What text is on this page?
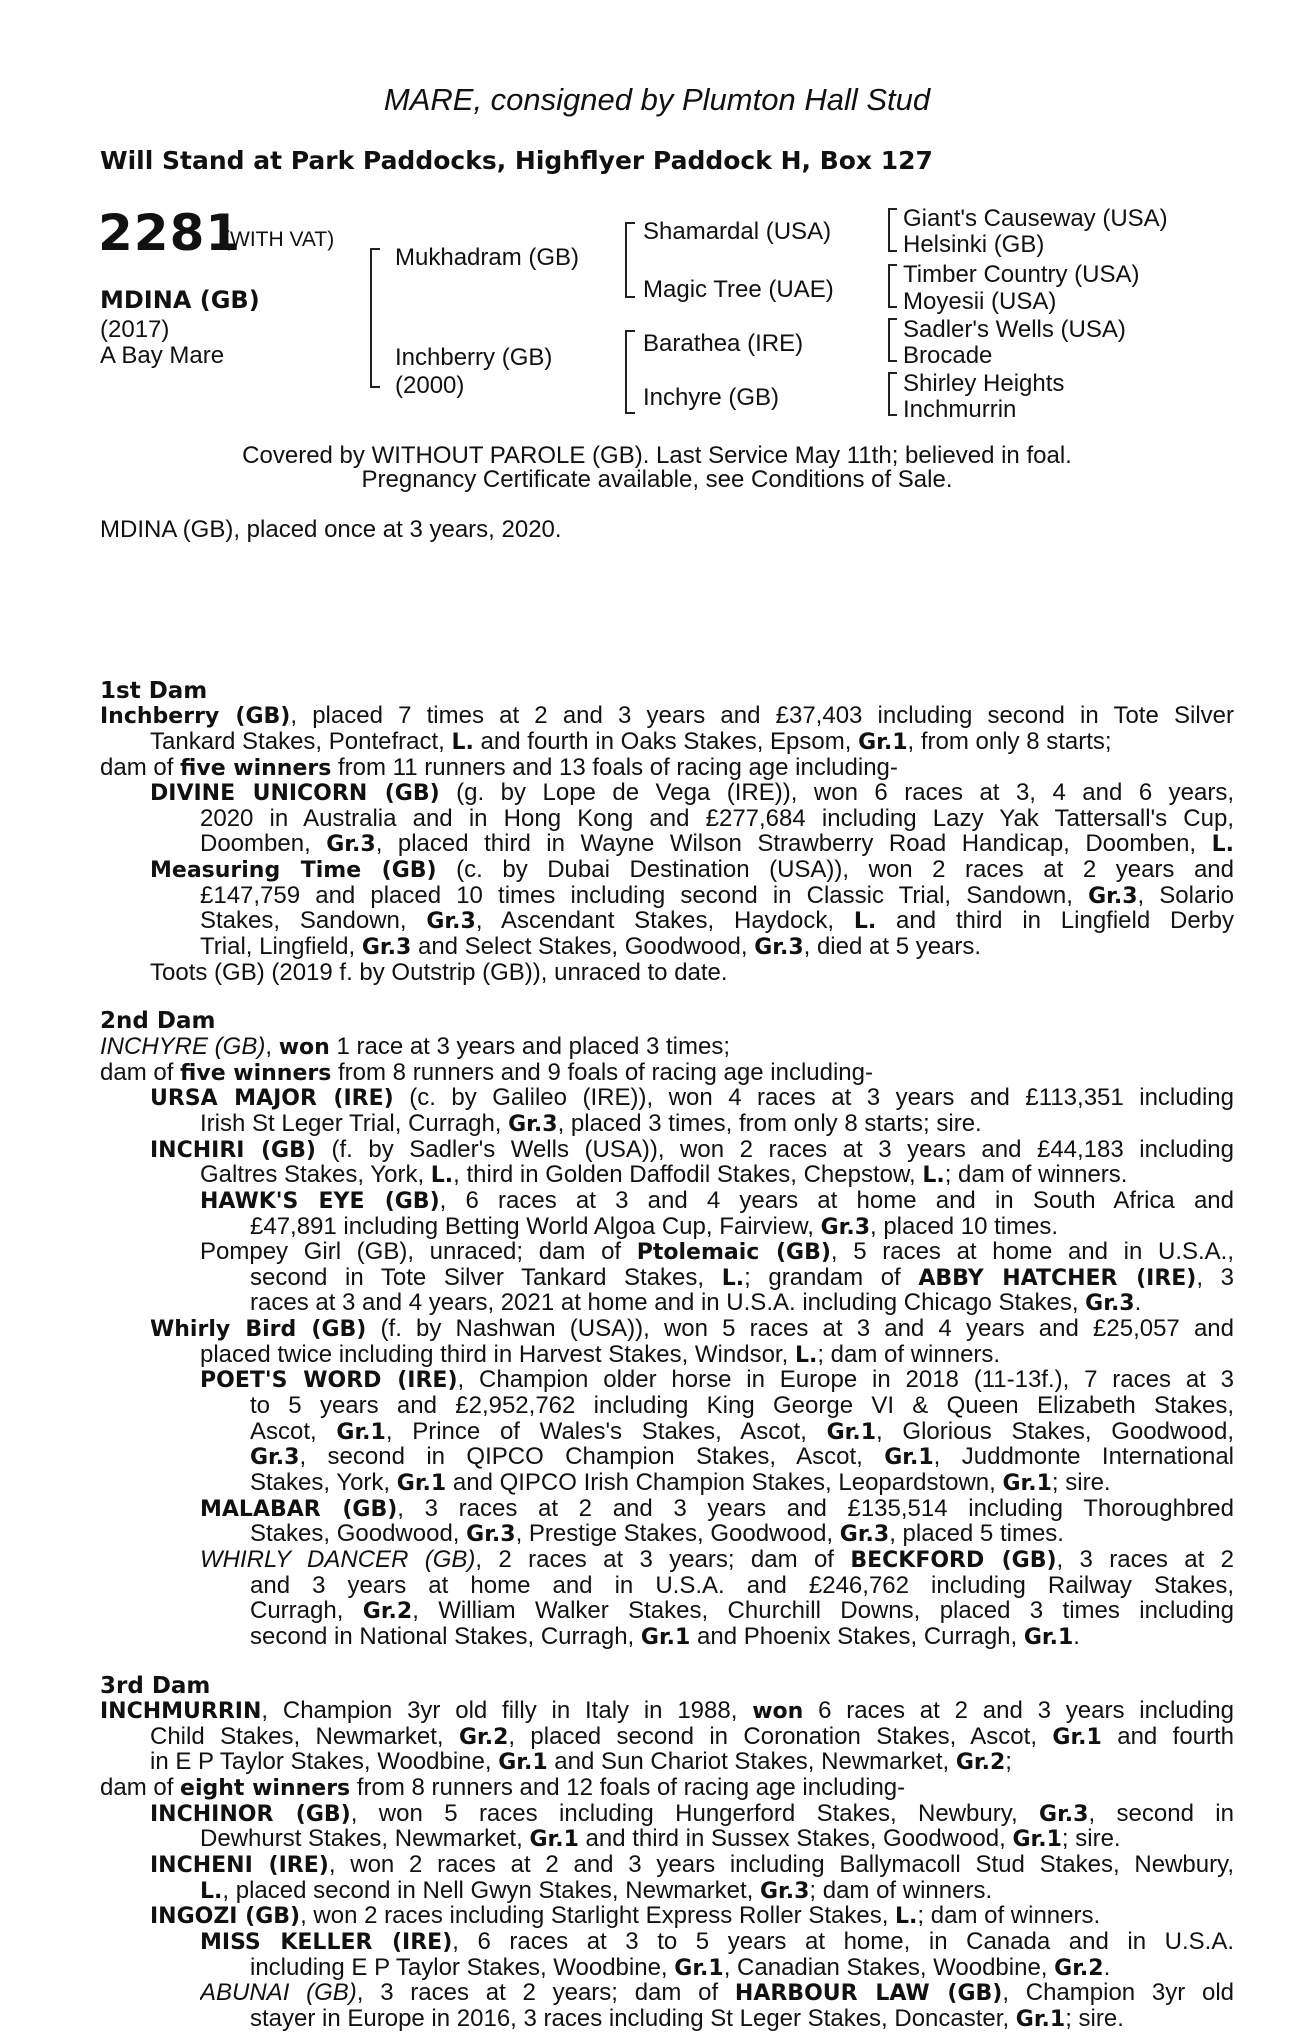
MARE, consigned by Plumton Hall Stud
Will Stand at Park Paddocks, Highflyer Paddock H, Box 127
2281
(WITH VAT)
MDINA (GB)
(2017)
A Bay Mare
Mukhadram (GB)
Inchberry (GB)
(2000)
Shamardal (USA)
Magic Tree (UAE)
Barathea (IRE)
Inchyre (GB)
Giant's Causeway (USA)
Helsinki (GB)
Timber Country (USA)
Moyesii (USA)
Sadler's Wells (USA)
Brocade
Shirley Heights
Inchmurrin
Covered by WITHOUT PAROLE (GB). Last Service May 11th; believed in foal.
Pregnancy Certificate available, see Conditions of Sale.
MDINA (GB), placed once at 3 years, 2020.
1st Dam
Inchberry (GB), placed 7 times at 2 and 3 years and £37,403 including second in Tote Silver
Tankard Stakes, Pontefract, L. and fourth in Oaks Stakes, Epsom, Gr.1, from only 8 starts;
dam of five winners from 11 runners and 13 foals of racing age including-
DIVINE UNICORN (GB) (g. by Lope de Vega (IRE)), won 6 races at 3, 4 and 6 years,
2020 in Australia and in Hong Kong and £277,684 including Lazy Yak Tattersall's Cup,
Doomben, Gr.3, placed third in Wayne Wilson Strawberry Road Handicap, Doomben, L.
Measuring Time (GB) (c. by Dubai Destination (USA)), won 2 races at 2 years and
£147,759 and placed 10 times including second in Classic Trial, Sandown, Gr.3, Solario
Stakes, Sandown, Gr.3, Ascendant Stakes, Haydock, L. and third in Lingfield Derby
Trial, Lingfield, Gr.3 and Select Stakes, Goodwood, Gr.3, died at 5 years.
Toots (GB) (2019 f. by Outstrip (GB)), unraced to date.
2nd Dam
INCHYRE (GB), won 1 race at 3 years and placed 3 times;
dam of five winners from 8 runners and 9 foals of racing age including-
URSA MAJOR (IRE) (c. by Galileo (IRE)), won 4 races at 3 years and £113,351 including
Irish St Leger Trial, Curragh, Gr.3, placed 3 times, from only 8 starts; sire.
INCHIRI (GB) (f. by Sadler's Wells (USA)), won 2 races at 3 years and £44,183 including
Galtres Stakes, York, L., third in Golden Daffodil Stakes, Chepstow, L.; dam of winners.
HAWK'S EYE (GB), 6 races at 3 and 4 years at home and in South Africa and
£47,891 including Betting World Algoa Cup, Fairview, Gr.3, placed 10 times.
Pompey Girl (GB), unraced; dam of Ptolemaic (GB), 5 races at home and in U.S.A.,
second in Tote Silver Tankard Stakes, L.; grandam of ABBY HATCHER (IRE), 3
races at 3 and 4 years, 2021 at home and in U.S.A. including Chicago Stakes, Gr.3.
Whirly Bird (GB) (f. by Nashwan (USA)), won 5 races at 3 and 4 years and £25,057 and
placed twice including third in Harvest Stakes, Windsor, L.; dam of winners.
POET'S WORD (IRE), Champion older horse in Europe in 2018 (11-13f.), 7 races at 3
to 5 years and £2,952,762 including King George VI & Queen Elizabeth Stakes,
Ascot, Gr.1, Prince of Wales's Stakes, Ascot, Gr.1, Glorious Stakes, Goodwood,
Gr.3, second in QIPCO Champion Stakes, Ascot, Gr.1, Juddmonte International
Stakes, York, Gr.1 and QIPCO Irish Champion Stakes, Leopardstown, Gr.1; sire.
MALABAR (GB), 3 races at 2 and 3 years and £135,514 including Thoroughbred
Stakes, Goodwood, Gr.3, Prestige Stakes, Goodwood, Gr.3, placed 5 times.
WHIRLY DANCER (GB), 2 races at 3 years; dam of BECKFORD (GB), 3 races at 2
and 3 years at home and in U.S.A. and £246,762 including Railway Stakes,
Curragh, Gr.2, William Walker Stakes, Churchill Downs, placed 3 times including
second in National Stakes, Curragh, Gr.1 and Phoenix Stakes, Curragh, Gr.1.
3rd Dam
INCHMURRIN, Champion 3yr old filly in Italy in 1988, won 6 races at 2 and 3 years including
Child Stakes, Newmarket, Gr.2, placed second in Coronation Stakes, Ascot, Gr.1 and fourth
in E P Taylor Stakes, Woodbine, Gr.1 and Sun Chariot Stakes, Newmarket, Gr.2;
dam of eight winners from 8 runners and 12 foals of racing age including-
INCHINOR (GB), won 5 races including Hungerford Stakes, Newbury, Gr.3, second in
Dewhurst Stakes, Newmarket, Gr.1 and third in Sussex Stakes, Goodwood, Gr.1; sire.
INCHENI (IRE), won 2 races at 2 and 3 years including Ballymacoll Stud Stakes, Newbury,
L., placed second in Nell Gwyn Stakes, Newmarket, Gr.3; dam of winners.
INGOZI (GB), won 2 races including Starlight Express Roller Stakes, L.; dam of winners.
MISS KELLER (IRE), 6 races at 3 to 5 years at home, in Canada and in U.S.A.
including E P Taylor Stakes, Woodbine, Gr.1, Canadian Stakes, Woodbine, Gr.2.
ABUNAI (GB), 3 races at 2 years; dam of HARBOUR LAW (GB), Champion 3yr old
stayer in Europe in 2016, 3 races including St Leger Stakes, Doncaster, Gr.1; sire.
